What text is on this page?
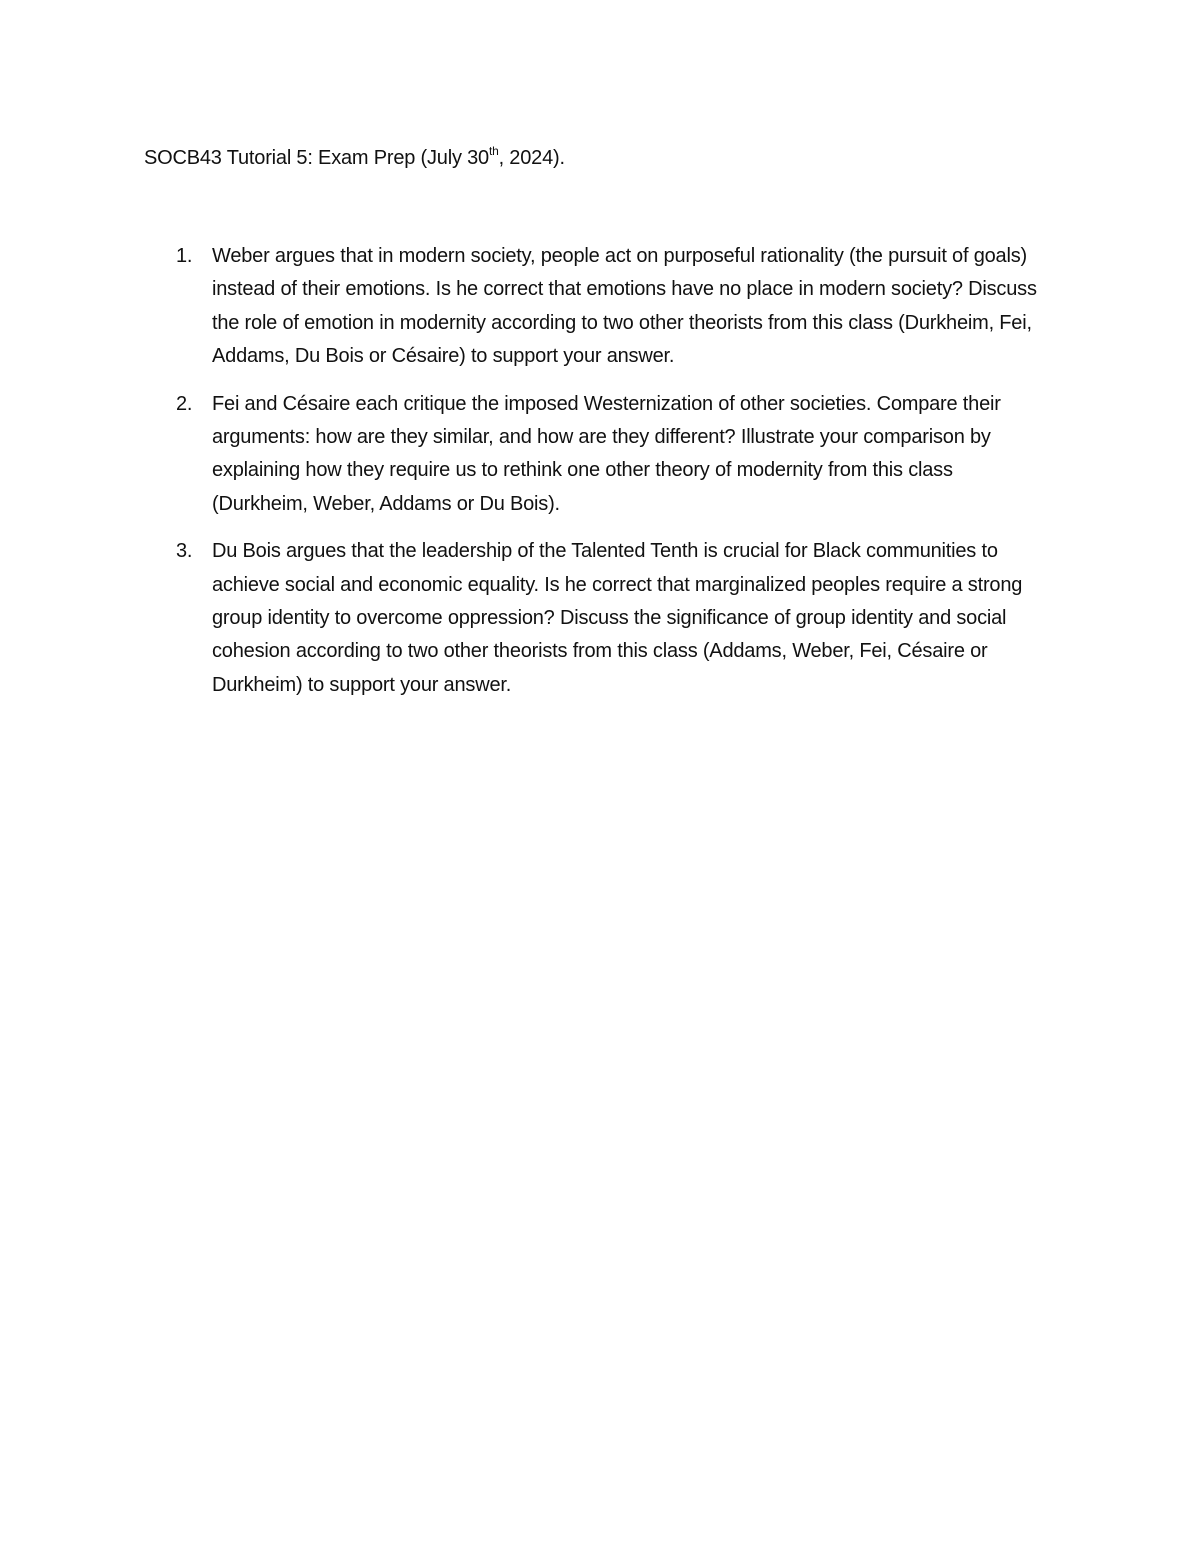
SOCB43 Tutorial 5: Exam Prep (July 30th, 2024).
1. Weber argues that in modern society, people act on purposeful rationality (the pursuit of goals) instead of their emotions. Is he correct that emotions have no place in modern society? Discuss the role of emotion in modernity according to two other theorists from this class (Durkheim, Fei, Addams, Du Bois or Césaire) to support your answer.
2. Fei and Césaire each critique the imposed Westernization of other societies. Compare their arguments: how are they similar, and how are they different? Illustrate your comparison by explaining how they require us to rethink one other theory of modernity from this class (Durkheim, Weber, Addams or Du Bois).
3. Du Bois argues that the leadership of the Talented Tenth is crucial for Black communities to achieve social and economic equality. Is he correct that marginalized peoples require a strong group identity to overcome oppression? Discuss the significance of group identity and social cohesion according to two other theorists from this class (Addams, Weber, Fei, Césaire or Durkheim) to support your answer.
